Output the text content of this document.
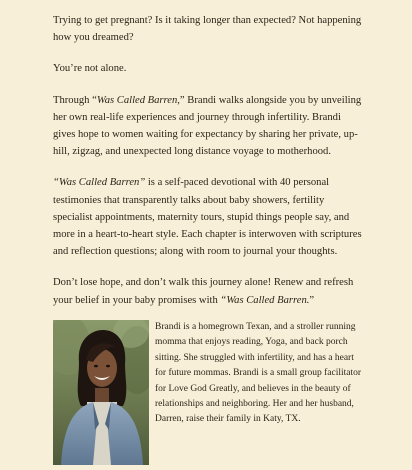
Trying to get pregnant? Is it taking longer than expected? Not happening how you dreamed?

You’re not alone.

Through “Was Called Barren,” Brandi walks alongside you by unveiling her own real-life experiences and journey through infertility. Brandi gives hope to women waiting for expectancy by sharing her private, up-hill, zigzag, and unexpected long distance voyage to motherhood.

“Was Called Barren” is a self-paced devotional with 40 personal testimonies that transparently talks about baby showers, fertility specialist appointments, maternity tours, stupid things people say, and more in a heart-to-heart style. Each chapter is interwoven with scriptures and reflection questions; along with room to journal your thoughts.

Don’t lose hope, and don’t walk this journey alone! Renew and refresh your belief in your baby promises with “Was Called Barren.”

Brandi is a homegrown Texan, and a stroller running momma that enjoys reading, Yoga, and back porch sitting. She struggled with infertility, and has a heart for future mommas. Brandi is a small group facilitator for Love God Greatly, and believes in the beauty of relationships and neighboring. Her and her husband, Darren, raise their family in Katy, TX.
